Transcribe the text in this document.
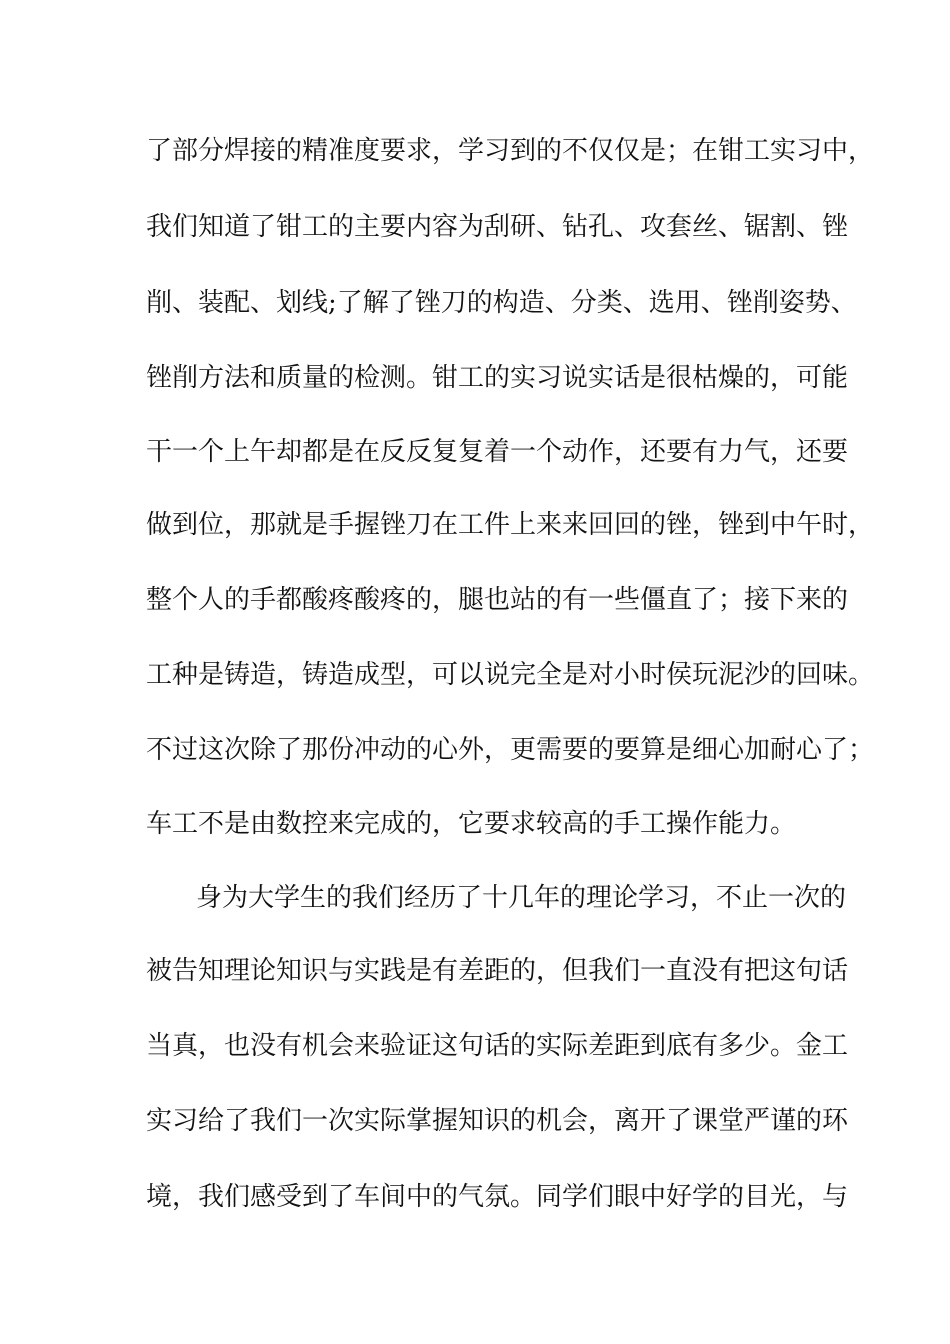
了部分焊接的精准度要求，学习到的不仅仅是；在钳工实习中，
我们知道了钳工的主要内容为刮研、钻孔、攻套丝、锯割、锉
削、装配、划线;了解了锉刀的构造、分类、选用、锉削姿势、
锉削方法和质量的检测。钳工的实习说实话是很枯燥的，可能
干一个上午却都是在反反复复着一个动作，还要有力气，还要
做到位，那就是手握锉刀在工件上来来回回的锉，锉到中午时，
整个人的手都酸疼酸疼的，腿也站的有一些僵直了；接下来的
工种是铸造，铸造成型，可以说完全是对小时侯玩泥沙的回味。
不过这次除了那份冲动的心外，更需要的要算是细心加耐心了；
车工不是由数控来完成的，它要求较高的手工操作能力。
身为大学生的我们经历了十几年的理论学习，不止一次的
被告知理论知识与实践是有差距的，但我们一直没有把这句话
当真，也没有机会来验证这句话的实际差距到底有多少。金工
实习给了我们一次实际掌握知识的机会，离开了课堂严谨的环
境，我们感受到了车间中的气氛。同学们眼中好学的目光，与
